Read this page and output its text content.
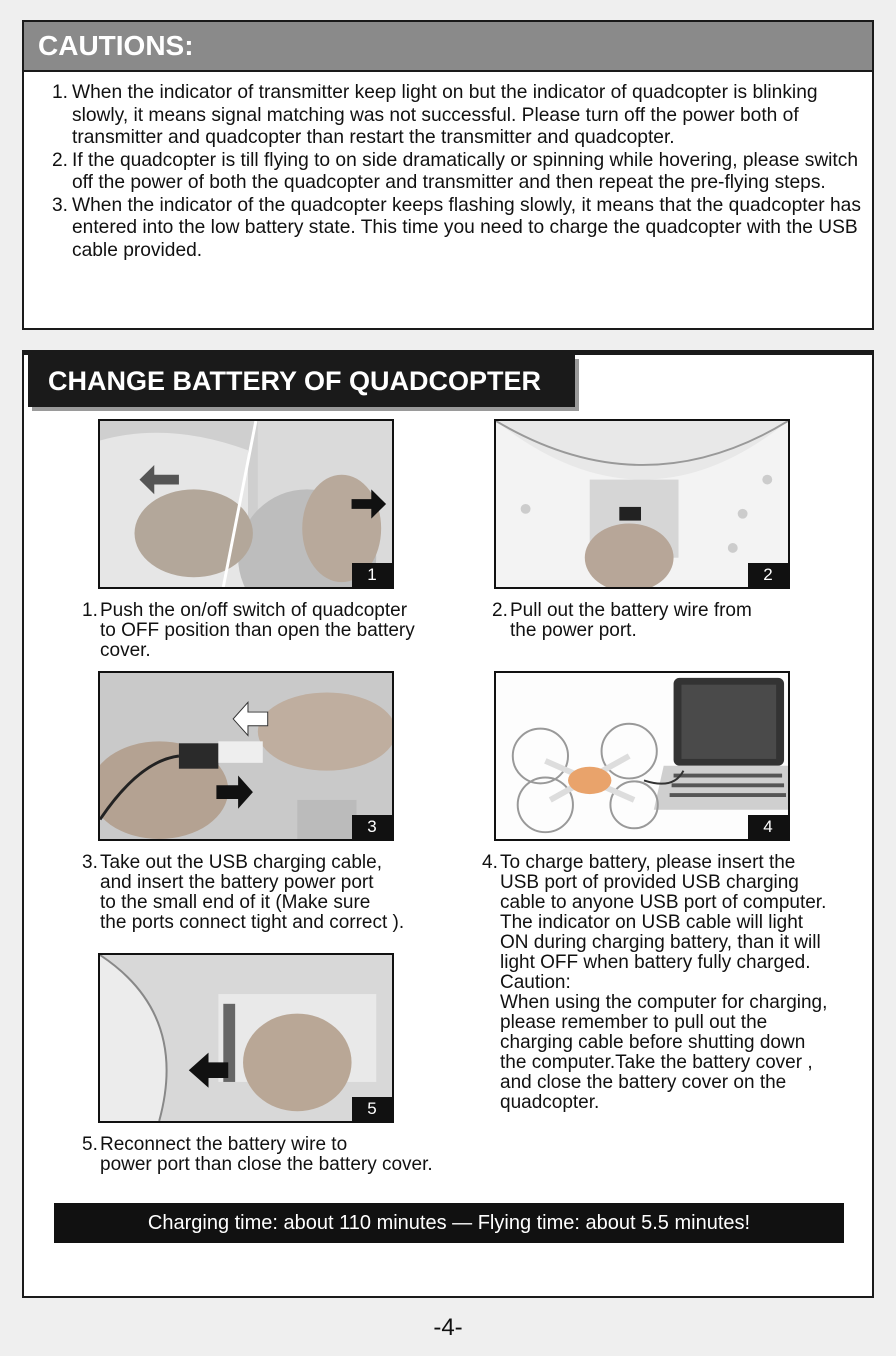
CAUTIONS:
1. When the indicator of transmitter keep light on but the indicator of quadcopter is blinking slowly, it means signal matching was not successful. Please turn off the power both of transmitter and quadcopter than restart the transmitter and quadcopter.
2. If the quadcopter is till flying to on side dramatically or spinning while hovering, please switch off the power of both the quadcopter and transmitter and then repeat the pre-flying steps.
3. When the indicator of the quadcopter keeps flashing slowly, it means that the quadcopter has entered into the low battery state. This time you need to charge the quadcopter with the USB cable provided.
CHANGE BATTERY OF QUADCOPTER
1	2
1. Push the on/off switch of quadcopter
to OFF position than open the battery
cover.
2. Pull out the battery wire from
the power port.
3	4
3. Take out the USB charging cable,
and insert the battery power port
to the small end of it (Make sure
the ports connect tight and correct ).
4. To charge battery, please insert the
USB port of provided USB charging
cable to anyone USB port of computer.
The indicator on USB cable will light
ON during charging battery, than it will
light OFF when battery fully charged.
Caution:
When using the computer for charging,
please remember to pull out the
charging cable before shutting down
the computer.Take the battery cover ,
and close the battery cover on the
quadcopter.
5
5. Reconnect the battery wire to
power port than close the battery cover.
Charging time: about 110 minutes — Flying time: about 5.5 minutes!
-4-
